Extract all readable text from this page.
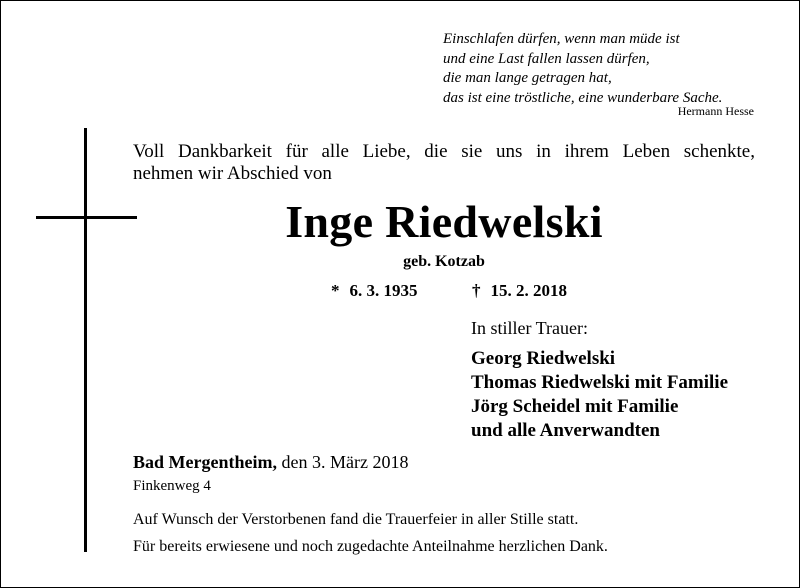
Einschlafen dürfen, wenn man müde ist
und eine Last fallen lassen dürfen,
die man lange getragen hat,
das ist eine tröstliche, eine wunderbare Sache.
Hermann Hesse
Voll Dankbarkeit für alle Liebe, die sie uns in ihrem Leben schenkte,
nehmen wir Abschied von
Inge Riedwelski
geb. Kotzab
* 6. 3. 1935	† 15. 2. 2018
In stiller Trauer:
Georg Riedwelski
Thomas Riedwelski mit Familie
Jörg Scheidel mit Familie
und alle Anverwandten
Bad Mergentheim, den 3. März 2018
Finkenweg 4
Auf Wunsch der Verstorbenen fand die Trauerfeier in aller Stille statt.
Für bereits erwiesene und noch zugedachte Anteilnahme herzlichen Dank.
